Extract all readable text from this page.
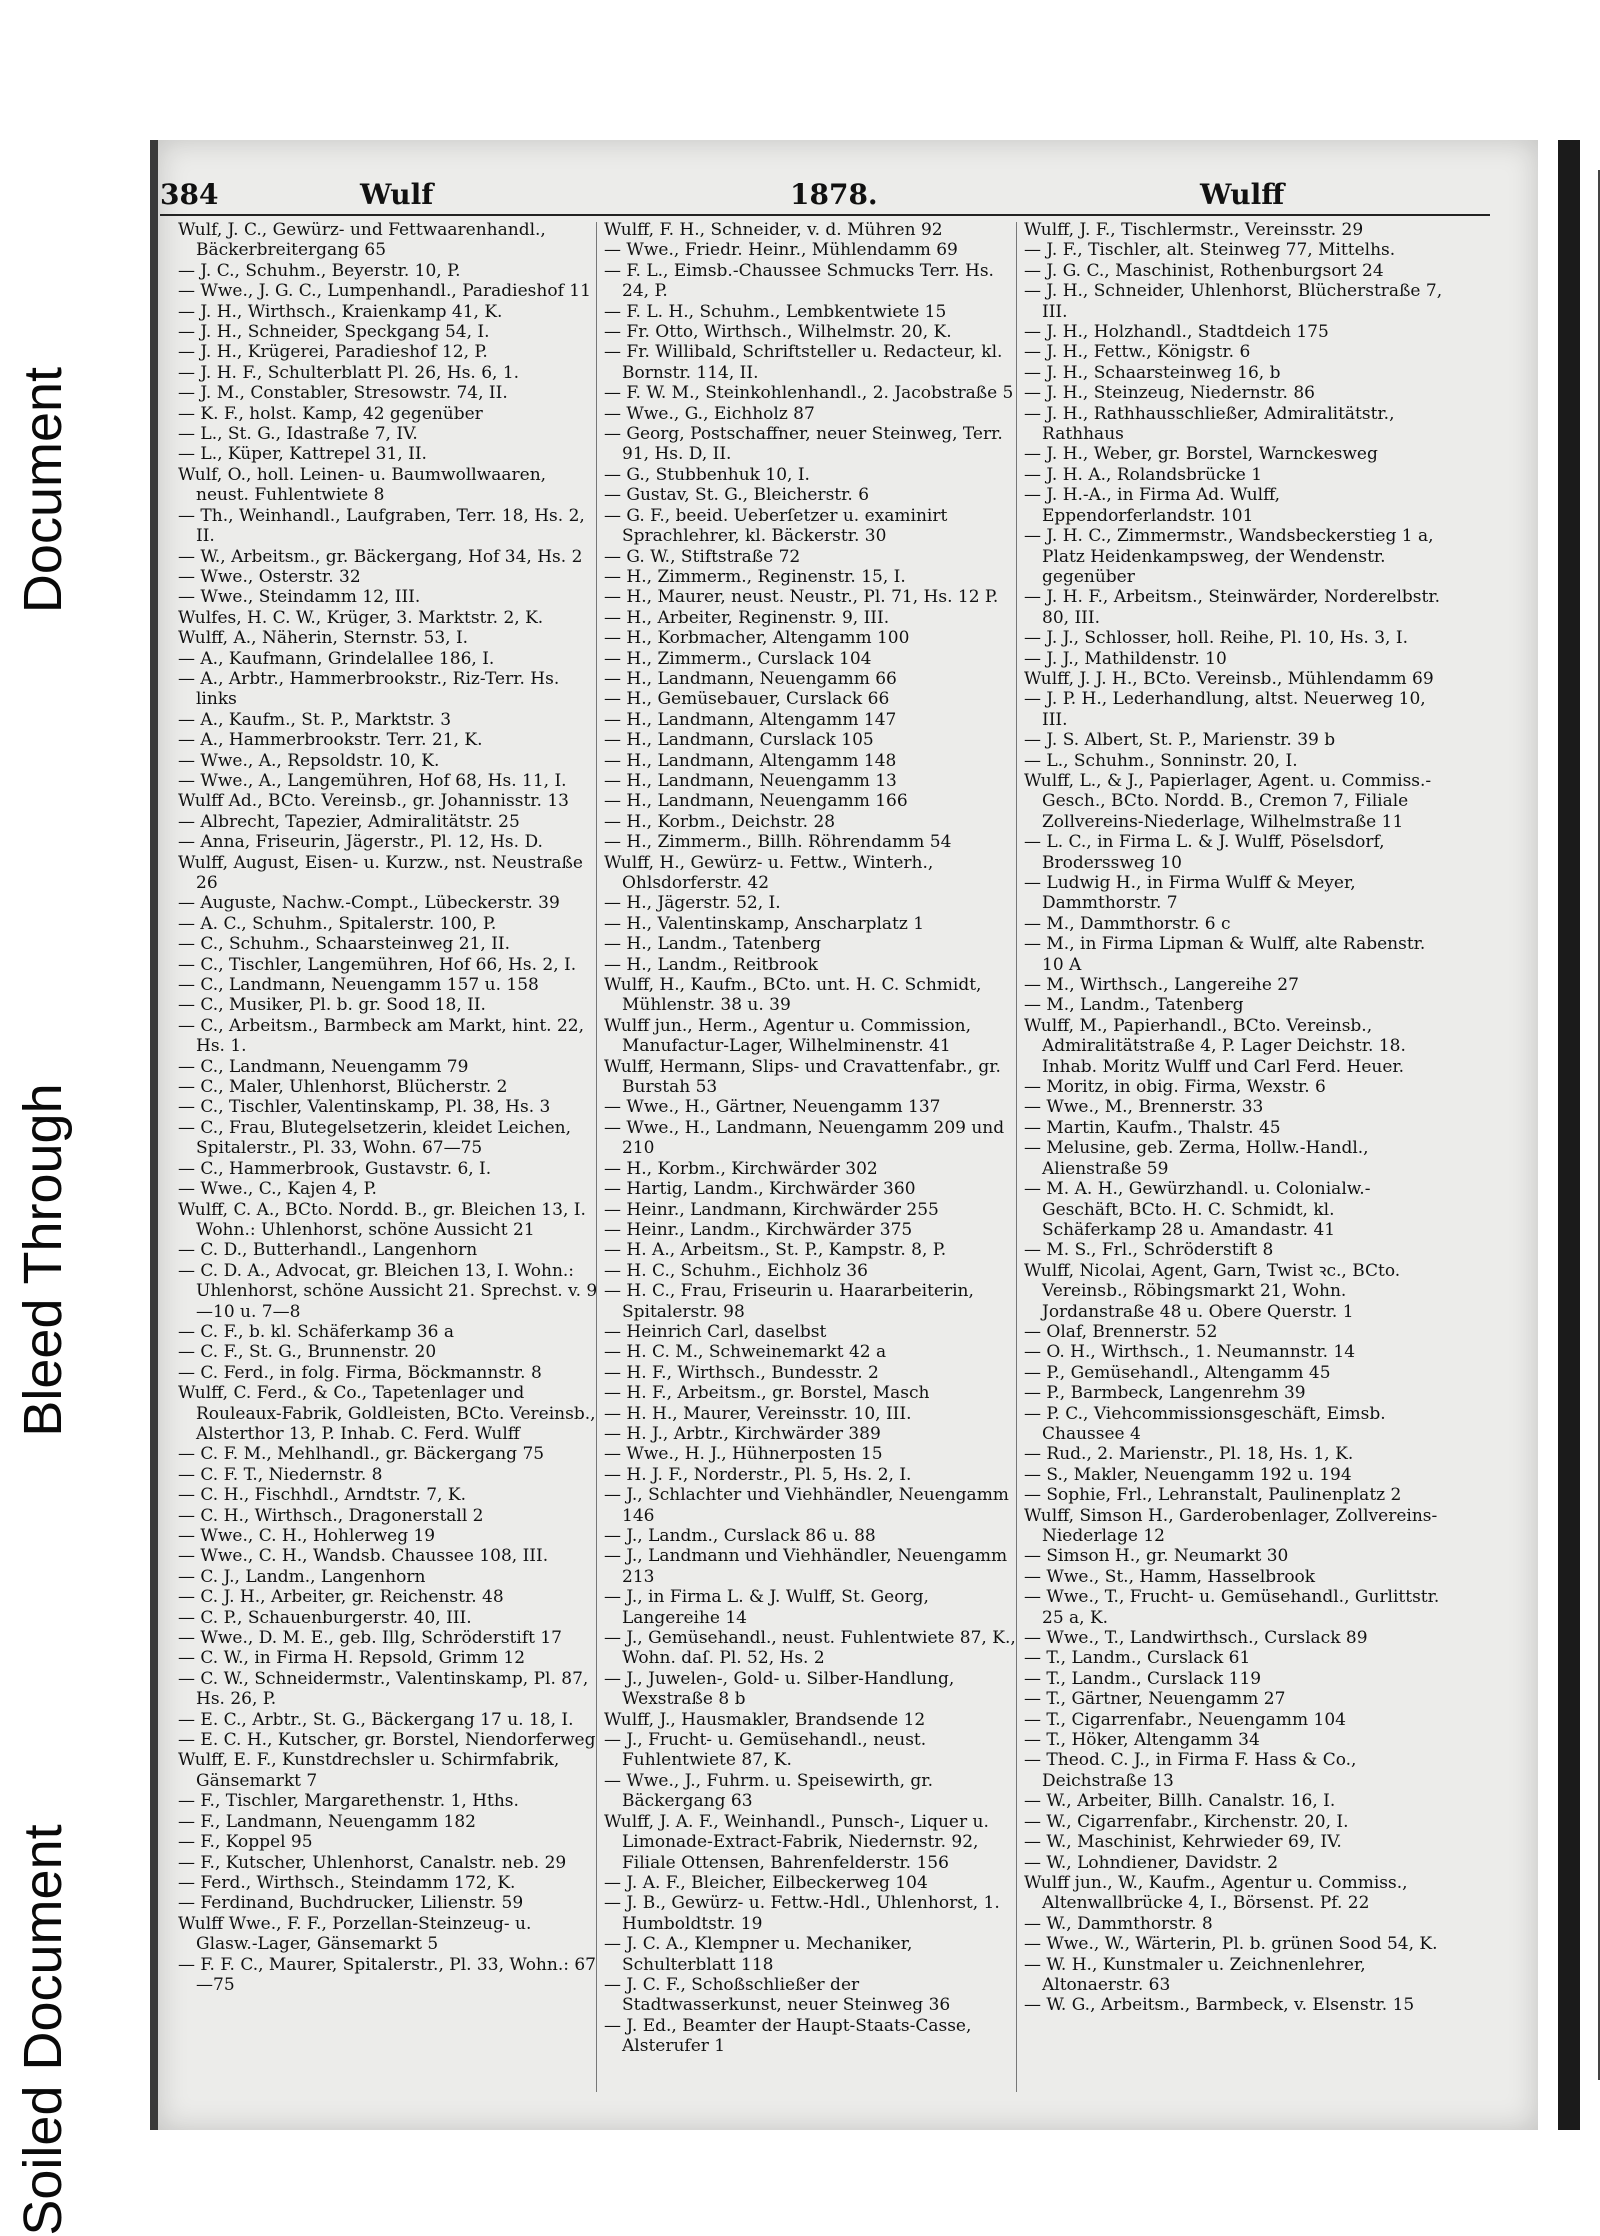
Document
Bleed Through
Soiled Document
384	Wulf	1878.	Wulff

Wulf, J. C., Gewürz- und Fettwaarenhandl., Bäckerbreitergang 65

— J. C., Schuhm., Beyerstr. 10, P.

— Wwe., J. G. C., Lumpenhandl., Paradieshof 11

— J. H., Wirthsch., Kraienkamp 41, K.

— J. H., Schneider, Speckgang 54, I.

— J. H., Krügerei, Paradieshof 12, P.

— J. H. F., Schulterblatt Pl. 26, Hs. 6, 1.

— J. M., Constabler, Stresowstr. 74, II.

— K. F., holst. Kamp, 42 gegenüber

— L., St. G., Idastraße 7, IV.

— L., Küper, Kattrepel 31, II.

Wulf, O., holl. Leinen- u. Baumwollwaaren, neust. Fuhlentwiete 8

— Th., Weinhandl., Laufgraben, Terr. 18, Hs. 2, II.

— W., Arbeitsm., gr. Bäckergang, Hof 34, Hs. 2

— Wwe., Osterstr. 32

— Wwe., Steindamm 12, III.

Wulfes, H. C. W., Krüger, 3. Marktstr. 2, K.

Wulff, A., Näherin, Sternstr. 53, I.

— A., Kaufmann, Grindelallee 186, I.

— A., Arbtr., Hammerbrookstr., Riz-Terr. Hs. links

— A., Kaufm., St. P., Marktstr. 3

— A., Hammerbrookstr. Terr. 21, K.

— Wwe., A., Repsoldstr. 10, K.

— Wwe., A., Langemühren, Hof 68, Hs. 11, I.

Wulff Ad., BCto. Vereinsb., gr. Johannisstr. 13

— Albrecht, Tapezier, Admiralitätstr. 25

— Anna, Friseurin, Jägerstr., Pl. 12, Hs. D.

Wulff, August, Eisen- u. Kurzw., nst. Neustraße 26

— Auguste, Nachw.-Compt., Lübeckerstr. 39

— A. C., Schuhm., Spitalerstr. 100, P.

— C., Schuhm., Schaarsteinweg 21, II.

— C., Tischler, Langemühren, Hof 66, Hs. 2, I.

— C., Landmann, Neuengamm 157 u. 158

— C., Musiker, Pl. b. gr. Sood 18, II.

— C., Arbeitsm., Barmbeck am Markt, hint. 22, Hs. 1.

— C., Landmann, Neuengamm 79

— C., Maler, Uhlenhorst, Blücherstr. 2

— C., Tischler, Valentinskamp, Pl. 38, Hs. 3

— C., Frau, Blutegelsetzerin, kleidet Leichen, Spitalerstr., Pl. 33, Wohn. 67—75

— C., Hammerbrook, Gustavstr. 6, I.

— Wwe., C., Kajen 4, P.

Wulff, C. A., BCto. Nordd. B., gr. Bleichen 13, I. Wohn.: Uhlenhorst, schöne Aussicht 21

— C. D., Butterhandl., Langenhorn

— C. D. A., Advocat, gr. Bleichen 13, I. Wohn.: Uhlenhorst, schöne Aussicht 21. Sprechst. v. 9—10 u. 7—8

— C. F., b. kl. Schäferkamp 36 a

— C. F., St. G., Brunnenstr. 20

— C. Ferd., in folg. Firma, Böckmannstr. 8

Wulff, C. Ferd., & Co., Tapetenlager und Rouleaux-Fabrik, Goldleisten, BCto. Vereinsb., Alsterthor 13, P. Inhab. C. Ferd. Wulff

— C. F. M., Mehlhandl., gr. Bäckergang 75

— C. F. T., Niedernstr. 8

— C. H., Fischhdl., Arndtstr. 7, K.

— C. H., Wirthsch., Dragonerstall 2

— Wwe., C. H., Hohlerweg 19

— Wwe., C. H., Wandsb. Chaussee 108, III.

— C. J., Landm., Langenhorn

— C. J. H., Arbeiter, gr. Reichenstr. 48

— C. P., Schauenburgerstr. 40, III.

— Wwe., D. M. E., geb. Illg, Schröderstift 17

— C. W., in Firma H. Repsold, Grimm 12

— C. W., Schneidermstr., Valentinskamp, Pl. 87, Hs. 26, P.

— E. C., Arbtr., St. G., Bäckergang 17 u. 18, I.

— E. C. H., Kutscher, gr. Borstel, Niendorferweg

Wulff, E. F., Kunstdrechsler u. Schirmfabrik, Gänsemarkt 7

— F., Tischler, Margarethenstr. 1, Hths.

— F., Landmann, Neuengamm 182

— F., Koppel 95

— F., Kutscher, Uhlenhorst, Canalstr. neb. 29

— Ferd., Wirthsch., Steindamm 172, K.

— Ferdinand, Buchdrucker, Lilienstr. 59

Wulff Wwe., F. F., Porzellan-Steinzeug- u. Glasw.-Lager, Gänsemarkt 5

— F. F. C., Maurer, Spitalerstr., Pl. 33, Wohn.: 67—75

Wulff, F. H., Schneider, v. d. Mühren 92

— Wwe., Friedr. Heinr., Mühlendamm 69

— F. L., Eimsb.-Chaussee Schmucks Terr. Hs. 24, P.

— F. L. H., Schuhm., Lembkentwiete 15

— Fr. Otto, Wirthsch., Wilhelmstr. 20, K.

— Fr. Willibald, Schriftsteller u. Redacteur, kl. Bornstr. 114, II.

— F. W. M., Steinkohlenhandl., 2. Jacobstraße 5

— Wwe., G., Eichholz 87

— Georg, Postschaffner, neuer Steinweg, Terr. 91, Hs. D, II.

— G., Stubbenhuk 10, I.

— Gustav, St. G., Bleicherstr. 6

— G. F., beeid. Ueberſetzer u. examinirt Sprachlehrer, kl. Bäckerstr. 30

— G. W., Stiftstraße 72

— H., Zimmerm., Reginenstr. 15, I.

— H., Maurer, neust. Neustr., Pl. 71, Hs. 12 P.

— H., Arbeiter, Reginenstr. 9, III.

— H., Korbmacher, Altengamm 100

— H., Zimmerm., Curslack 104

— H., Landmann, Neuengamm 66

— H., Gemüsebauer, Curslack 66

— H., Landmann, Altengamm 147

— H., Landmann, Curslack 105

— H., Landmann, Altengamm 148

— H., Landmann, Neuengamm 13

— H., Landmann, Neuengamm 166

— H., Korbm., Deichstr. 28

— H., Zimmerm., Billh. Röhrendamm 54

Wulff, H., Gewürz- u. Fettw., Winterh., Ohlsdorferstr. 42

— H., Jägerstr. 52, I.

— H., Valentinskamp, Anscharplatz 1

— H., Landm., Tatenberg

— H., Landm., Reitbrook

Wulff, H., Kaufm., BCto. unt. H. C. Schmidt, Mühlenstr. 38 u. 39

Wulff jun., Herm., Agentur u. Commission, Manufactur-Lager, Wilhelminenstr. 41

Wulff, Hermann, Slips- und Cravattenfabr., gr. Burstah 53

— Wwe., H., Gärtner, Neuengamm 137

— Wwe., H., Landmann, Neuengamm 209 und 210

— H., Korbm., Kirchwärder 302

— Hartig, Landm., Kirchwärder 360

— Heinr., Landmann, Kirchwärder 255

— Heinr., Landm., Kirchwärder 375

— H. A., Arbeitsm., St. P., Kampstr. 8, P.

— H. C., Schuhm., Eichholz 36

— H. C., Frau, Friseurin u. Haararbeiterin, Spitalerstr. 98

— Heinrich Carl, daselbst

— H. C. M., Schweinemarkt 42 a

— H. F., Wirthsch., Bundesstr. 2

— H. F., Arbeitsm., gr. Borstel, Masch

— H. H., Maurer, Vereinsstr. 10, III.

— H. J., Arbtr., Kirchwärder 389

— Wwe., H. J., Hühnerposten 15

— H. J. F., Norderstr., Pl. 5, Hs. 2, I.

— J., Schlachter und Viehhändler, Neuengamm 146

— J., Landm., Curslack 86 u. 88

— J., Landmann und Viehhändler, Neuengamm 213

— J., in Firma L. & J. Wulff, St. Georg, Langereihe 14

— J., Gemüsehandl., neust. Fuhlentwiete 87, K., Wohn. daſ. Pl. 52, Hs. 2

— J., Juwelen-, Gold- u. Silber-Handlung, Wexstraße 8 b

Wulff, J., Hausmakler, Brandsende 12

— J., Frucht- u. Gemüsehandl., neust. Fuhlentwiete 87, K.

— Wwe., J., Fuhrm. u. Speisewirth, gr. Bäckergang 63

Wulff, J. A. F., Weinhandl., Punsch-, Liquer u. Limonade-Extract-Fabrik, Niedernstr. 92, Filiale Ottensen, Bahrenfelderstr. 156

— J. A. F., Bleicher, Eilbeckerweg 104

— J. B., Gewürz- u. Fettw.-Hdl., Uhlenhorst, 1. Humboldtstr. 19

— J. C. A., Klempner u. Mechaniker, Schulterblatt 118

— J. C. F., Schoßschließer der Stadtwasserkunst, neuer Steinweg 36

— J. Ed., Beamter der Haupt-Staats-Casse, Alsterufer 1

Wulff, J. F., Tischlermstr., Vereinsstr. 29

— J. F., Tischler, alt. Steinweg 77, Mittelhs.

— J. G. C., Maschinist, Rothenburgsort 24

— J. H., Schneider, Uhlenhorst, Blücherstraße 7, III.

— J. H., Holzhandl., Stadtdeich 175

— J. H., Fettw., Königstr. 6

— J. H., Schaarsteinweg 16, b

— J. H., Steinzeug, Niedernstr. 86

— J. H., Rathhausschließer, Admiralitätstr., Rathhaus

— J. H., Weber, gr. Borstel, Warnckesweg

— J. H. A., Rolandsbrücke 1

— J. H.-A., in Firma Ad. Wulff, Eppendorferlandstr. 101

— J. H. C., Zimmermstr., Wandsbeckerstieg 1 a, Platz Heidenkampsweg, der Wendenstr. gegenüber

— J. H. F., Arbeitsm., Steinwärder, Norderelbstr. 80, III.

— J. J., Schlosser, holl. Reihe, Pl. 10, Hs. 3, I.

— J. J., Mathildenstr. 10

Wulff, J. J. H., BCto. Vereinsb., Mühlendamm 69

— J. P. H., Lederhandlung, altst. Neuerweg 10, III.

— J. S. Albert, St. P., Marienstr. 39 b

— L., Schuhm., Sonninstr. 20, I.

Wulff, L., & J., Papierlager, Agent. u. Commiss.-Gesch., BCto. Nordd. B., Cremon 7, Filiale Zollvereins-Niederlage, Wilhelmstraße 11

— L. C., in Firma L. & J. Wulff, Pöselsdorf, Broderssweg 10

— Ludwig H., in Firma Wulff & Meyer, Dammthorstr. 7

— M., Dammthorstr. 6 c

— M., in Firma Lipman & Wulff, alte Rabenstr. 10 A

— M., Wirthsch., Langereihe 27

— M., Landm., Tatenberg

Wulff, M., Papierhandl., BCto. Vereinsb., Admiralitätstraße 4, P. Lager Deichstr. 18. Inhab. Moritz Wulff und Carl Ferd. Heuer.

— Moritz, in obig. Firma, Wexstr. 6

— Wwe., M., Brennerstr. 33

— Martin, Kaufm., Thalstr. 45

— Melusine, geb. Zerma, Hollw.-Handl., Alienstraße 59

— M. A. H., Gewürzhandl. u. Colonialw.-Geschäft, BCto. H. C. Schmidt, kl. Schäferkamp 28 u. Amandastr. 41

— M. S., Frl., Schröderstift 8

Wulff, Nicolai, Agent, Garn, Twist ꝛc., BCto. Vereinsb., Röbingsmarkt 21, Wohn. Jordanstraße 48 u. Obere Querstr. 1

— Olaf, Brennerstr. 52

— O. H., Wirthsch., 1. Neumannstr. 14

— P., Gemüsehandl., Altengamm 45

— P., Barmbeck, Langenrehm 39

— P. C., Viehcommissionsgeschäft, Eimsb. Chaussee 4

— Rud., 2. Marienstr., Pl. 18, Hs. 1, K.

— S., Makler, Neuengamm 192 u. 194

— Sophie, Frl., Lehranstalt, Paulinenplatz 2

Wulff, Simson H., Garderobenlager, Zollvereins-Niederlage 12

— Simson H., gr. Neumarkt 30

— Wwe., St., Hamm, Hasselbrook

— Wwe., T., Frucht- u. Gemüsehandl., Gurlittstr. 25 a, K.

— Wwe., T., Landwirthsch., Curslack 89

— T., Landm., Curslack 61

— T., Landm., Curslack 119

— T., Gärtner, Neuengamm 27

— T., Cigarrenfabr., Neuengamm 104

— T., Höker, Altengamm 34

— Theod. C. J., in Firma F. Hass & Co., Deichstraße 13

— W., Arbeiter, Billh. Canalstr. 16, I.

— W., Cigarrenfabr., Kirchenstr. 20, I.

— W., Maschinist, Kehrwieder 69, IV.

— W., Lohndiener, Davidstr. 2

Wulff jun., W., Kaufm., Agentur u. Commiss., Altenwallbrücke 4, I., Börsenst. Pf. 22

— W., Dammthorstr. 8

— Wwe., W., Wärterin, Pl. b. grünen Sood 54, K.

— W. H., Kunstmaler u. Zeichnenlehrer, Altonaerstr. 63

— W. G., Arbeitsm., Barmbeck, v. Elsenstr. 15
